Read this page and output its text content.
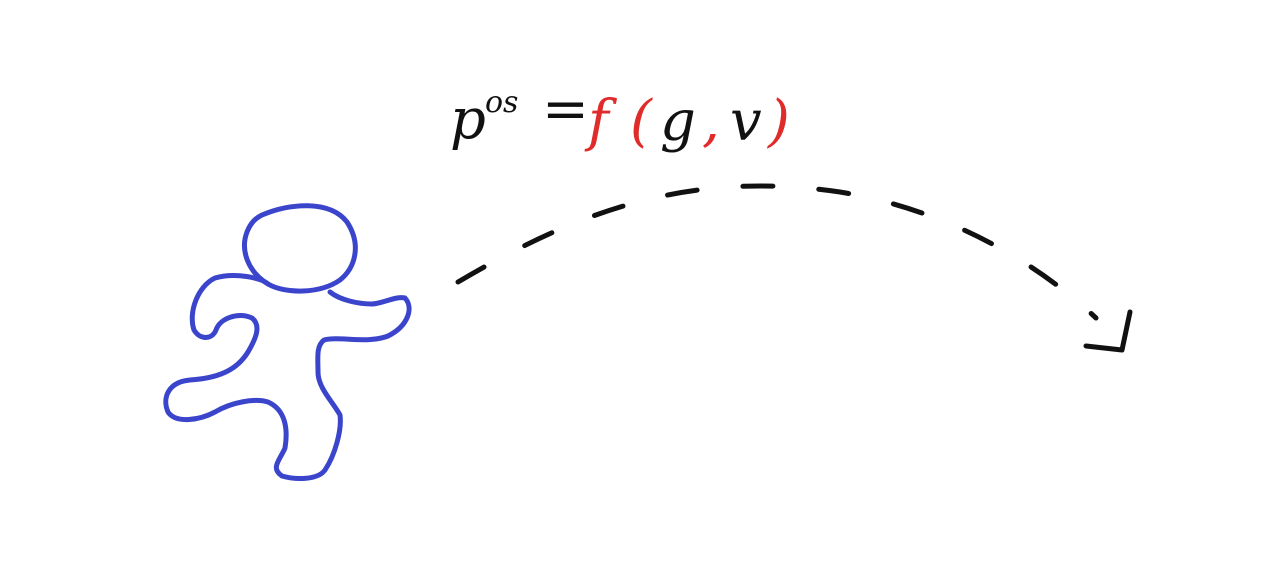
p os = f ( g , v )
